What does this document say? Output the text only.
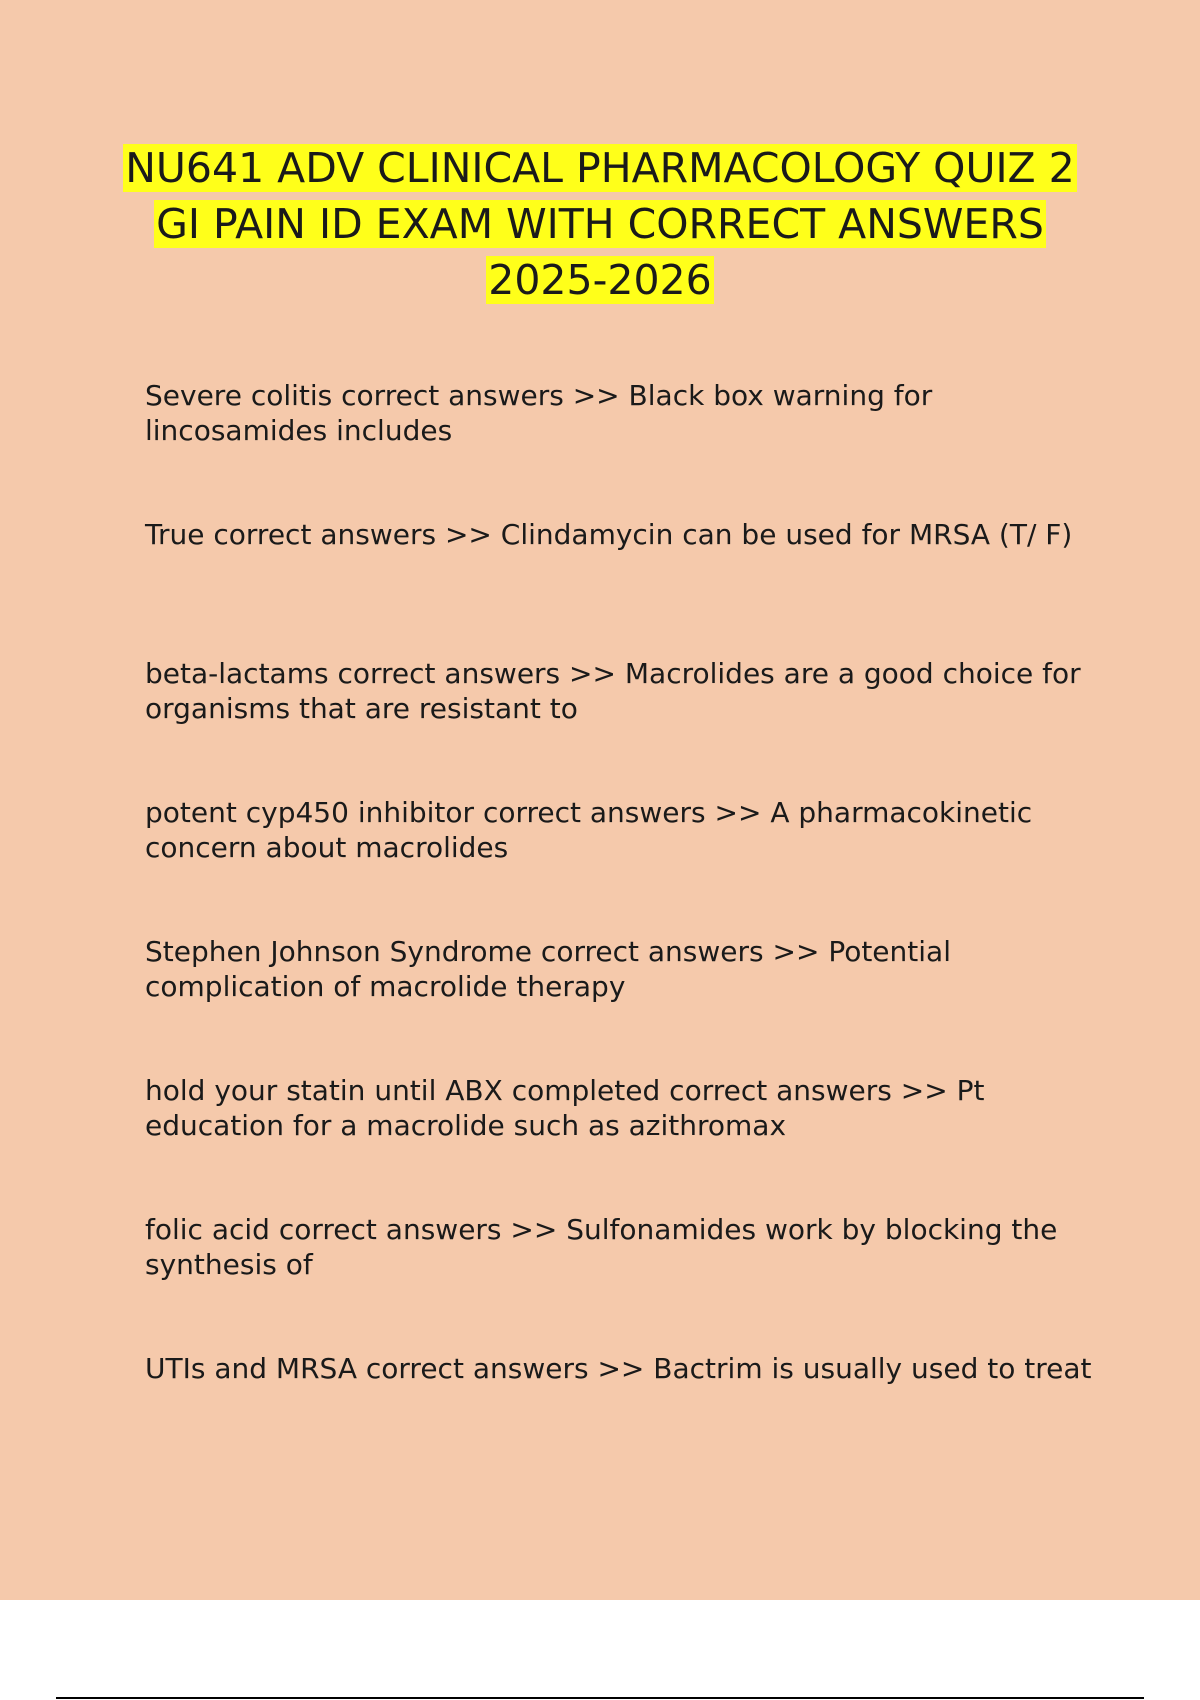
NU641 ADV CLINICAL PHARMACOLOGY QUIZ 2 GI PAIN ID EXAM WITH CORRECT ANSWERS 2025-2026

Severe colitis correct answers >> Black box warning for lincosamides includes

True correct answers >> Clindamycin can be used for MRSA (T/ F)

beta-lactams correct answers >> Macrolides are a good choice for organisms that are resistant to

potent cyp450 inhibitor correct answers >> A pharmacokinetic concern about macrolides

Stephen Johnson Syndrome correct answers >> Potential complication of macrolide therapy

hold your statin until ABX completed correct answers >> Pt education for a macrolide such as azithromax

folic acid correct answers >> Sulfonamides work by blocking the synthesis of

UTIs and MRSA correct answers >> Bactrim is usually used to treat
